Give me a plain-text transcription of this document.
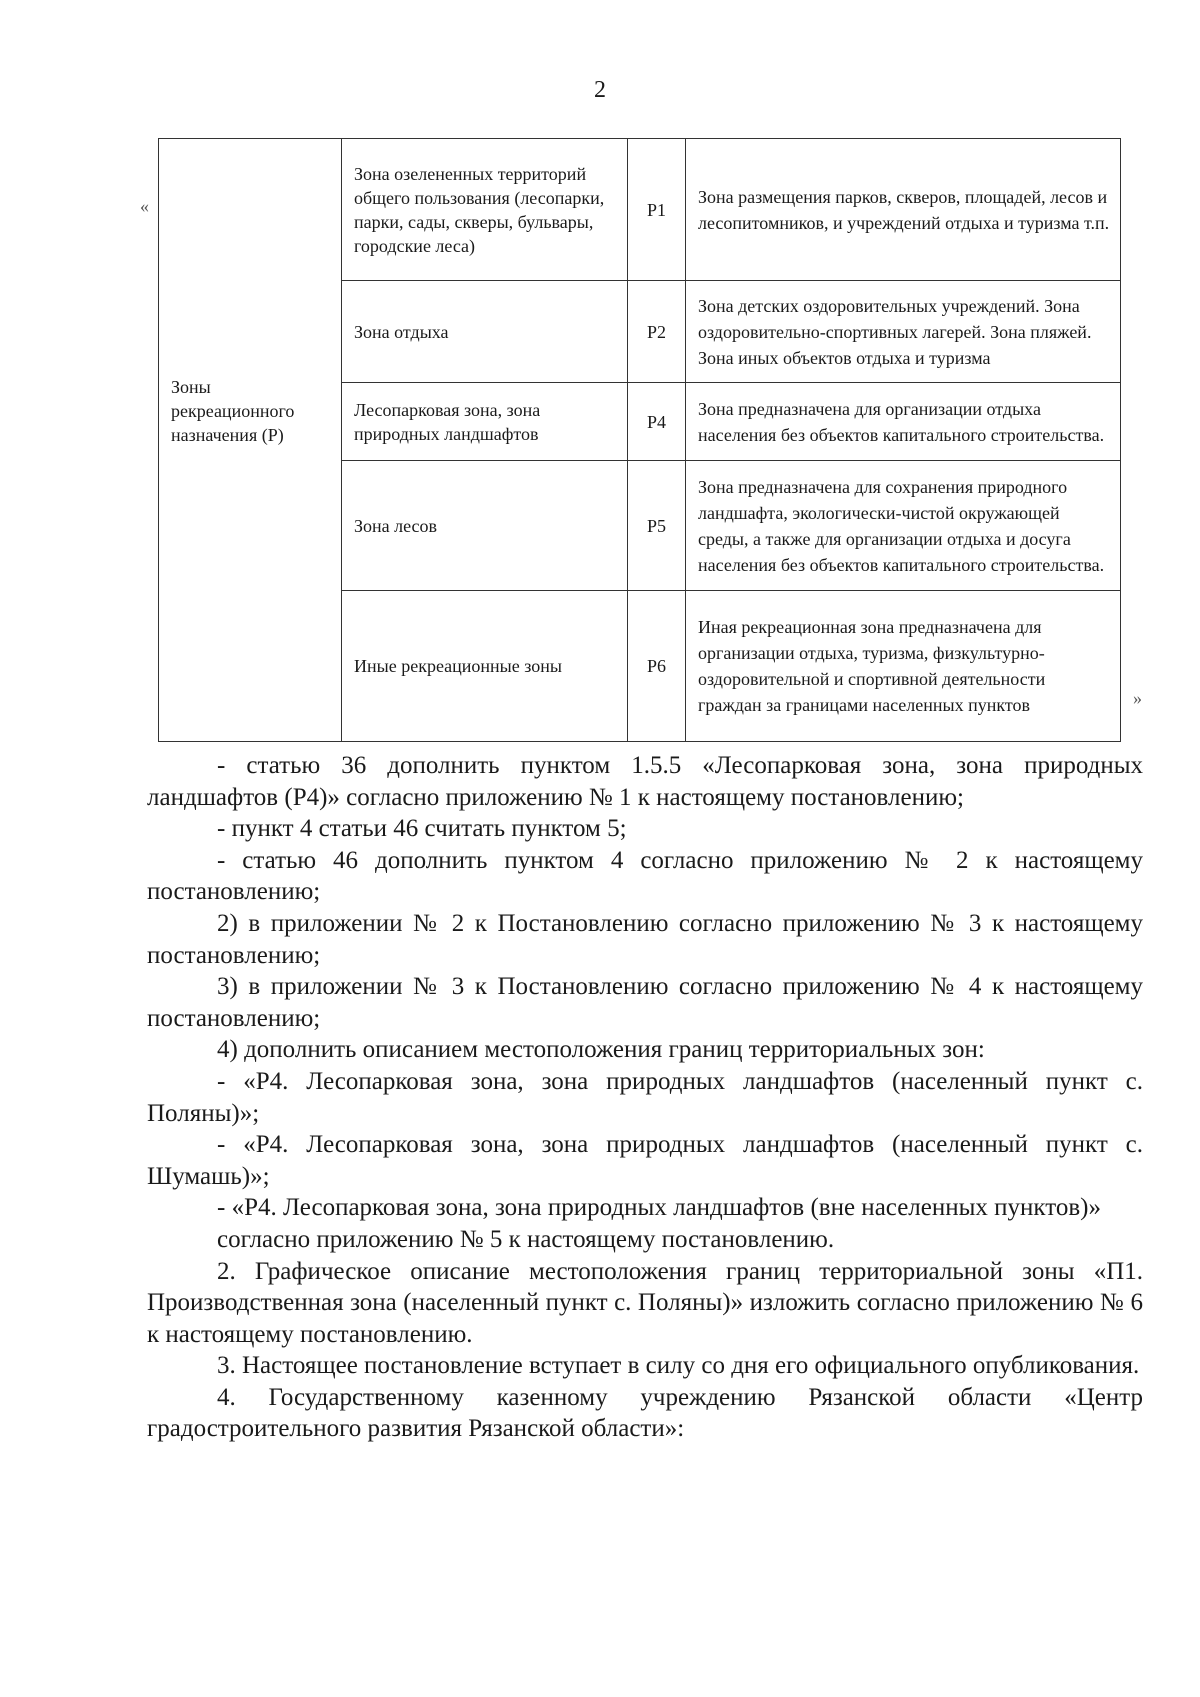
2
«
»
Зоны рекреационного назначения (Р)	Зона озелененных территорий общего пользования (лесопарки, парки, сады, скверы, бульвары, городские леса)	Р1	Зона размещения парков, скверов, площадей, лесов и лесопитомников, и учреждений отдыха и туризма т.п.
	Зона отдыха	Р2	Зона детских оздоровительных учреждений. Зона оздоровительно-спортивных лагерей. Зона пляжей. Зона иных объектов отдыха и туризма
	Лесопарковая зона, зона природных ландшафтов	Р4	Зона предназначена для организации отдыха населения без объектов капитального строительства.
	Зона лесов	Р5	Зона предназначена для сохранения природного ландшафта, экологически-чистой окружающей среды, а также для организации отдыха и досуга населения без объектов капитального строительства.
	Иные рекреационные зоны	Р6	Иная рекреационная зона предназначена для организации отдыха, туризма, физкультурно-оздоровительной и спортивной деятельности граждан за границами населенных пунктов

- статью 36 дополнить пунктом 1.5.5 «Лесопарковая зона, зона природных ландшафтов (Р4)» согласно приложению № 1 к настоящему постановлению;

- пункт 4 статьи 46 считать пунктом 5;

- статью 46 дополнить пунктом 4 согласно приложению № 2 к настоящему постановлению;

2) в приложении № 2 к Постановлению согласно приложению № 3 к настоящему постановлению;

3) в приложении № 3 к Постановлению согласно приложению № 4 к настоящему постановлению;

4) дополнить описанием местоположения границ территориальных зон:

- «Р4. Лесопарковая зона, зона природных ландшафтов (населенный пункт с. Поляны)»;

- «Р4. Лесопарковая зона, зона природных ландшафтов (населенный пункт с. Шумашь)»;

- «Р4. Лесопарковая зона, зона природных ландшафтов (вне населенных пунктов)»

согласно приложению № 5 к настоящему постановлению.

2. Графическое описание местоположения границ территориальной зоны «П1. Производственная зона (населенный пункт с. Поляны)» изложить согласно приложению № 6 к настоящему постановлению.

3. Настоящее постановление вступает в силу со дня его официального опубликования.

4. Государственному казенному учреждению Рязанской области «Центр градостроительного развития Рязанской области»:
